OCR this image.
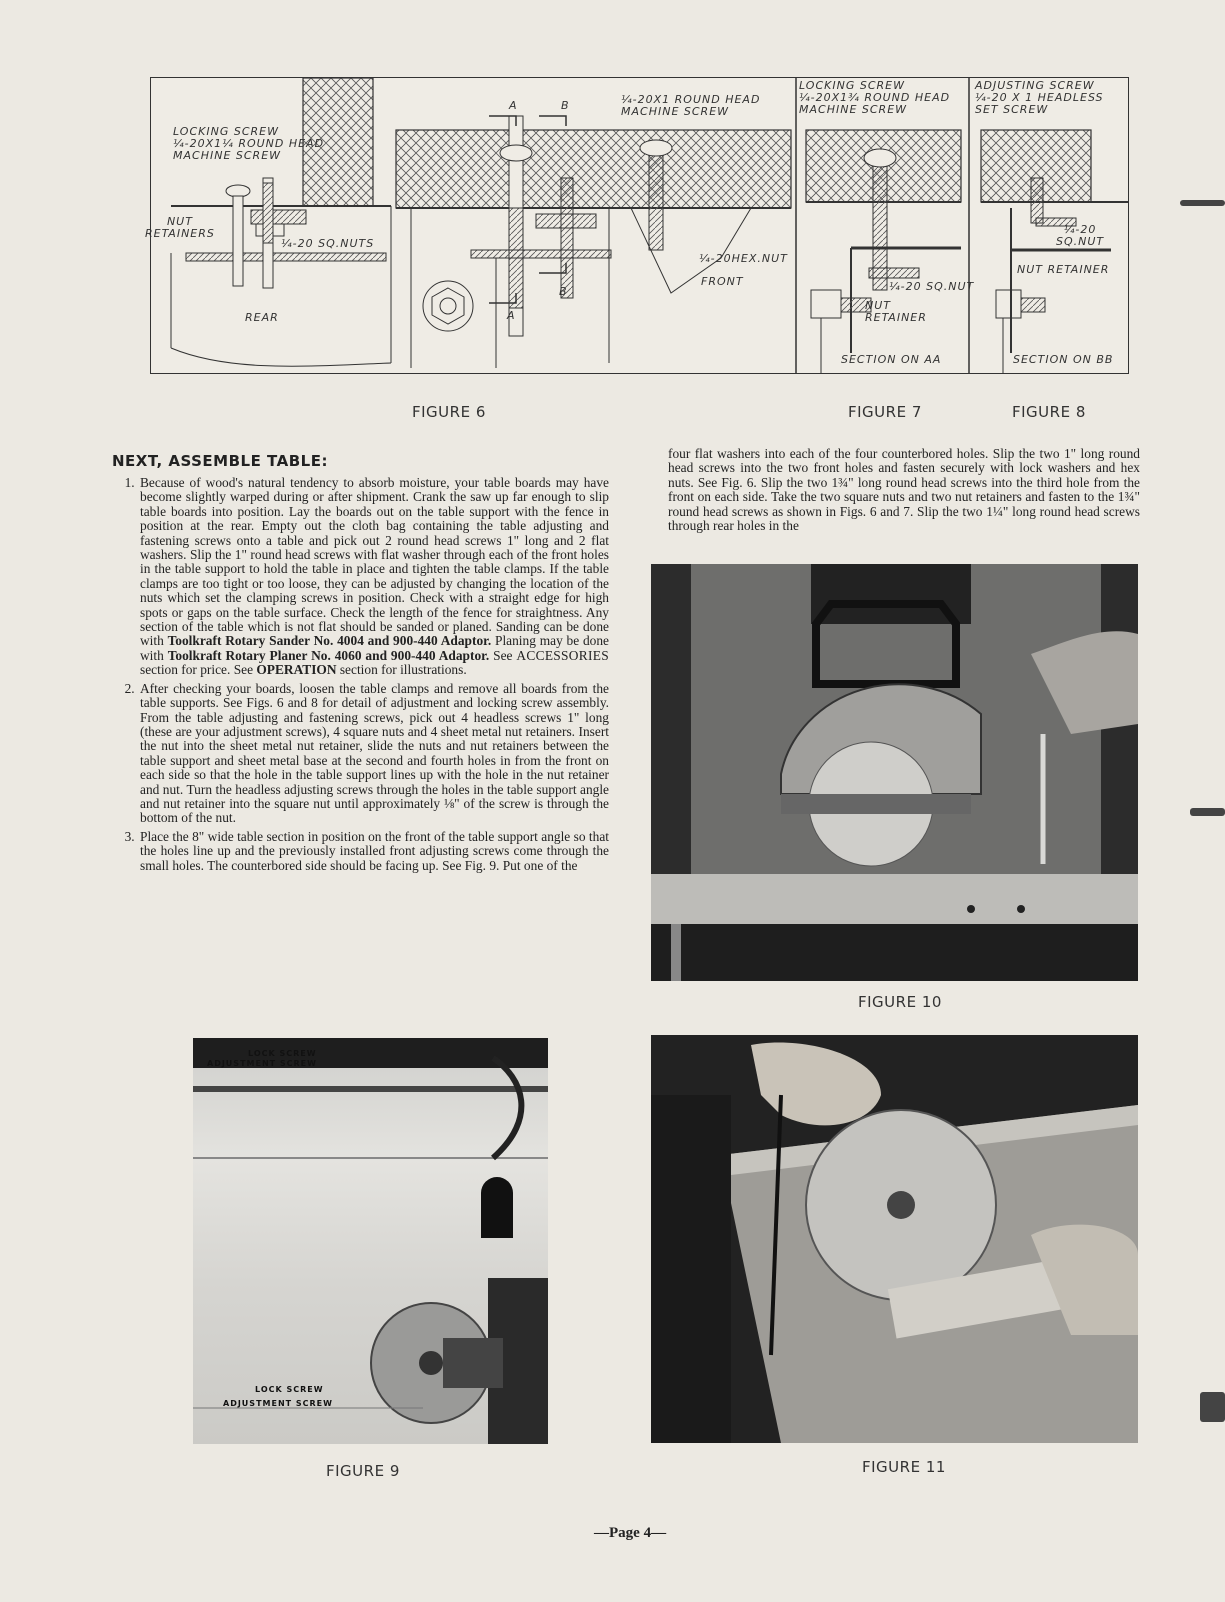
LOCKING SCREW
¼-20X1¼ ROUND HEAD
MACHINE SCREW
NUT
RETAINERS
¼-20 SQ.NUTS
REAR
¼-20X1 ROUND HEAD
MACHINE SCREW
¼-20HEX.NUT
FRONT
A	B
B
A
LOCKING SCREW
¼-20X1¾ ROUND HEAD
MACHINE SCREW
¼-20 SQ.NUT
NUT
RETAINER
SECTION ON AA
ADJUSTING SCREW
¼-20 X 1 HEADLESS
SET SCREW
¼-20
SQ.NUT
NUT RETAINER
SECTION ON BB
FIGURE 6	FIGURE 7	FIGURE 8
NEXT, ASSEMBLE TABLE:
1. Because of wood's natural tendency to absorb moisture, your table boards may have become slightly warped during or after shipment. Crank the saw up far enough to slip table boards into position. Lay the boards out on the table support with the fence in position at the rear. Empty out the cloth bag containing the table adjusting and fastening screws onto a table and pick out 2 round head screws 1" long and 2 flat washers. Slip the 1" round head screws with flat washer through each of the front holes in the table support to hold the table in place and tighten the table clamps. If the table clamps are too tight or too loose, they can be adjusted by changing the location of the nuts which set the clamping screws in position. Check with a straight edge for high spots or gaps on the table surface. Check the length of the fence for straightness. Any section of the table which is not flat should be sanded or planed. Sanding can be done with Toolkraft Rotary Sander No. 4004 and 900-440 Adaptor. Planing may be done with Toolkraft Rotary Planer No. 4060 and 900-440 Adaptor. See ACCESSORIES section for price. See OPERATION section for illustrations.
2. After checking your boards, loosen the table clamps and remove all boards from the table supports. See Figs. 6 and 8 for detail of adjustment and locking screw assembly. From the table adjusting and fastening screws, pick out 4 headless screws 1" long (these are your adjustment screws), 4 square nuts and 4 sheet metal nut retainers. Insert the nut into the sheet metal nut retainer, slide the nuts and nut retainers between the table support and sheet metal base at the second and fourth holes in from the front on each side so that the hole in the table support lines up with the hole in the nut retainer and nut. Turn the headless adjusting screws through the holes in the table support angle and nut retainer into the square nut until approximately ⅛" of the screw is through the bottom of the nut.
3. Place the 8" wide table section in position on the front of the table support angle so that the holes line up and the previously installed front adjusting screws come through the small holes. The counterbored side should be facing up. See Fig. 9. Put one of the
four flat washers into each of the four counterbored holes. Slip the two 1" long round head screws into the two front holes and fasten securely with lock washers and hex nuts. See Fig. 6. Slip the two 1¾" long round head screws into the third hole from the front on each side. Take the two square nuts and two nut retainers and fasten to the 1¾" round head screws as shown in Figs. 6 and 7. Slip the two 1¼" long round head screws through rear holes in the
LOCK SCREW
ADJUSTMENT SCREW
LOCK SCREW
ADJUSTMENT SCREW
FIGURE 9
FIGURE 10
FIGURE 11
—Page 4—
